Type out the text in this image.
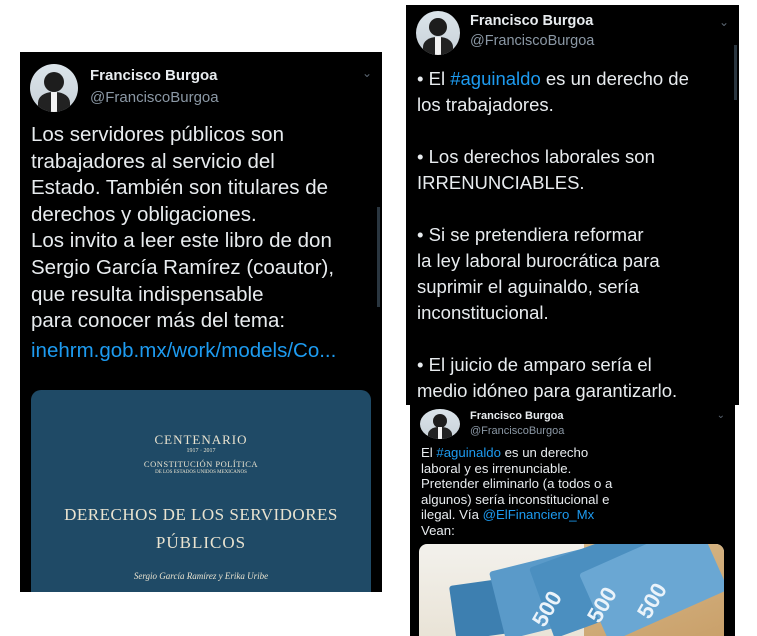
Francisco Burgoa
@FranciscoBurgoa
⌄
Los servidores públicos son
trabajadores al servicio del
Estado. También son titulares de
derechos y obligaciones.
Los invito a leer este libro de don
Sergio García Ramírez (coautor),
que resulta indispensable
para conocer más del tema:
inehrm.gob.mx/work/models/Co...
CENTENARIO
1917 · 2017
CONSTITUCIÓN POLÍTICA
DE LOS ESTADOS UNIDOS MEXICANOS
DERECHOS DE LOS SERVIDORES
PÚBLICOS
Sergio García Ramírez y Erika Uribe
Francisco Burgoa
@FranciscoBurgoa
⌄
• El #aguinaldo es un derecho de
los trabajadores.
• Los derechos laborales son
IRRENUNCIABLES.
• Si se pretendiera reformar
la ley laboral burocrática para
suprimir el aguinaldo, sería
inconstitucional.
• El juicio de amparo sería el
medio idóneo para garantizarlo.
Francisco Burgoa
@FranciscoBurgoa
⌄
El #aguinaldo es un derecho
laboral y es irrenunciable.
Pretender eliminarlo (a todos o a
algunos) sería inconstitucional e
ilegal. Vía @ElFinanciero_Mx
Vean:
500 500 500
